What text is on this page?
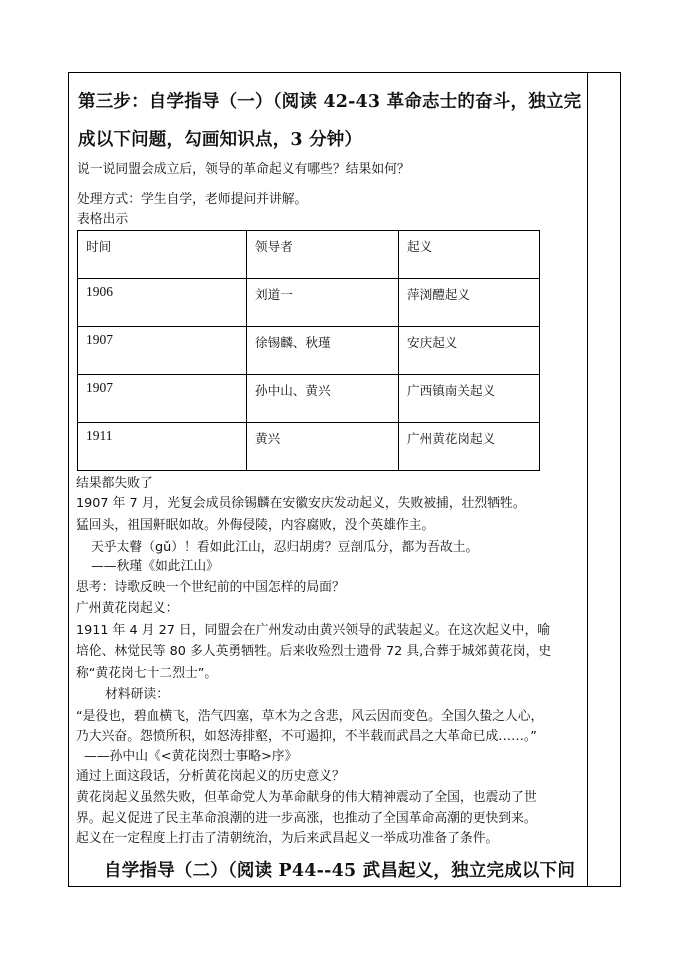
第三步：自学指导（一）（阅读 42-43 革命志士的奋斗，独立完
成以下问题，勾画知识点，3 分钟）
说一说同盟会成立后，领导的革命起义有哪些？结果如何？
处理方式：学生自学，老师提问并讲解。
表格出示
时间	领导者	起义
1906	刘道一	萍浏醴起义
1907	徐锡麟、秋瑾	安庆起义
1907	孙中山、黄兴	广西镇南关起义
1911	黄兴	广州黄花岗起义
结果都失败了
1907 年 7 月，光复会成员徐锡麟在安徽安庆发动起义，失败被捕，壮烈牺牲。
猛回头，祖国鼾眠如故。外侮侵陵，内容腐败，没个英雄作主。
天乎太瞽（gǔ）！看如此江山，忍归胡虏？豆剖瓜分，都为吾故土。
——秋瑾《如此江山》
思考：诗歌反映一个世纪前的中国怎样的局面？
广州黄花岗起义：
1911 年 4 月 27 日，同盟会在广州发动由黄兴领导的武装起义。在这次起义中，喻
培伦、林觉民等 80 多人英勇牺牲。后来收殓烈士遗骨 72 具,合葬于城郊黄花岗，史
称“黄花岗七十二烈士”。
材料研读：
“是役也，碧血横飞，浩气四塞，草木为之含悲，风云因而变色。全国久蛰之人心，
乃大兴奋。怨愤所积，如怒涛排壑，不可遏抑，不半载而武昌之大革命已成……。”
——孙中山《<黄花岗烈士事略>序》
通过上面这段话，分析黄花岗起义的历史意义？
黄花岗起义虽然失败，但革命党人为革命献身的伟大精神震动了全国，也震动了世
界。起义促进了民主革命浪潮的进一步高涨，也推动了全国革命高潮的更快到来。
起义在一定程度上打击了清朝统治，为后来武昌起义一举成功准备了条件。
自学指导（二）（阅读 P44--45 武昌起义，独立完成以下问
